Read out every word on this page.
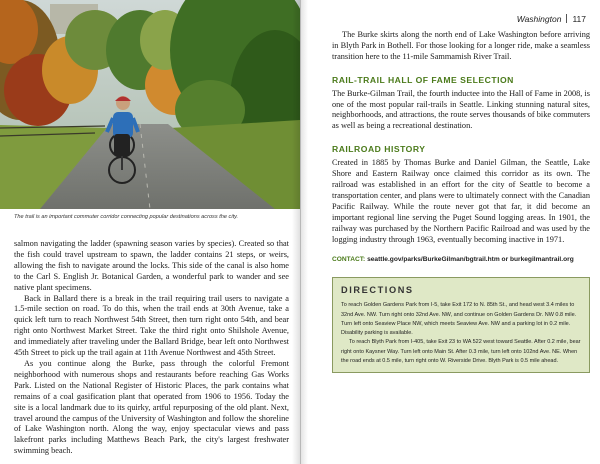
The trail is an important commuter corridor connecting popular destinations across the city.

salmon navigating the ladder (spawning season varies by species). Created so that the fish could travel upstream to spawn, the ladder contains 21 steps, or weirs, allowing the fish to navigate around the locks. This side of the canal is also home to the Carl S. English Jr. Botanical Garden, a wonderful park to wander and see native plant specimens.

Back in Ballard there is a break in the trail requiring trail users to navigate a 1.5-mile section on road. To do this, when the trail ends at 30th Avenue, take a quick left turn to reach Northwest 54th Street, then turn right onto 54th, and bear right onto Northwest Market Street. Take the third right onto Shilshole Avenue, and immediately after traveling under the Ballard Bridge, bear left onto Northwest 45th Street to pick up the trail again at 11th Avenue Northwest and 45th Street.

As you continue along the Burke, pass through the colorful Fremont neighborhood with numerous shops and restaurants before reaching Gas Works Park. Listed on the National Register of Historic Places, the park contains what remains of a coal gasification plant that operated from 1906 to 1956. Today the site is a local landmark due to its quirky, artful repurposing of the old plant. Next, travel around the campus of the University of Washington and follow the shoreline of Lake Washington north. Along the way, enjoy spectacular views and pass lakefront parks including Matthews Beach Park, the city's largest freshwater swimming beach.

Washington 117

The Burke skirts along the north end of Lake Washington before arriving in Blyth Park in Bothell. For those looking for a longer ride, make a seamless transition here to the 11-mile Sammamish River Trail.

RAIL-TRAIL HALL OF FAME SELECTION

The Burke-Gilman Trail, the fourth inductee into the Hall of Fame in 2008, is one of the most popular rail-trails in Seattle. Linking stunning natural sites, neighborhoods, and attractions, the route serves thousands of bike commuters as well as being a recreational destination.

RAILROAD HISTORY

Created in 1885 by Thomas Burke and Daniel Gilman, the Seattle, Lake Shore and Eastern Railway once claimed this corridor as its own. The railroad was established in an effort for the city of Seattle to become a transportation center, and plans were to ultimately connect with the Canadian Pacific Railway. While the route never got that far, it did become an important regional line serving the Puget Sound logging areas. In 1901, the railway was purchased by the Northern Pacific Railroad and was used by the logging industry through 1963, eventually becoming inactive in 1971.

CONTACT: seattle.gov/parks/BurkeGilman/bgtrail.htm or burkegilmantrail.org
DIRECTIONS

To reach Golden Gardens Park from I-5, take Exit 172 to N. 85th St., and head west 3.4 miles to 32nd Ave. NW. Turn right onto 32nd Ave. NW, and continue on Golden Gardens Dr. NW 0.8 mile. Turn left onto Seaview Place NW, which meets Seaview Ave. NW and a parking lot in 0.2 mile. Disability parking is available.

To reach Blyth Park from I-405, take Exit 23 to WA 522 west toward Seattle. After 0.2 mile, bear right onto Kaysner Way. Turn left onto Main St. After 0.3 mile, turn left onto 102nd Ave. NE. When the road ends at 0.5 mile, turn right onto W. Riverside Drive. Blyth Park is 0.5 mile ahead.
